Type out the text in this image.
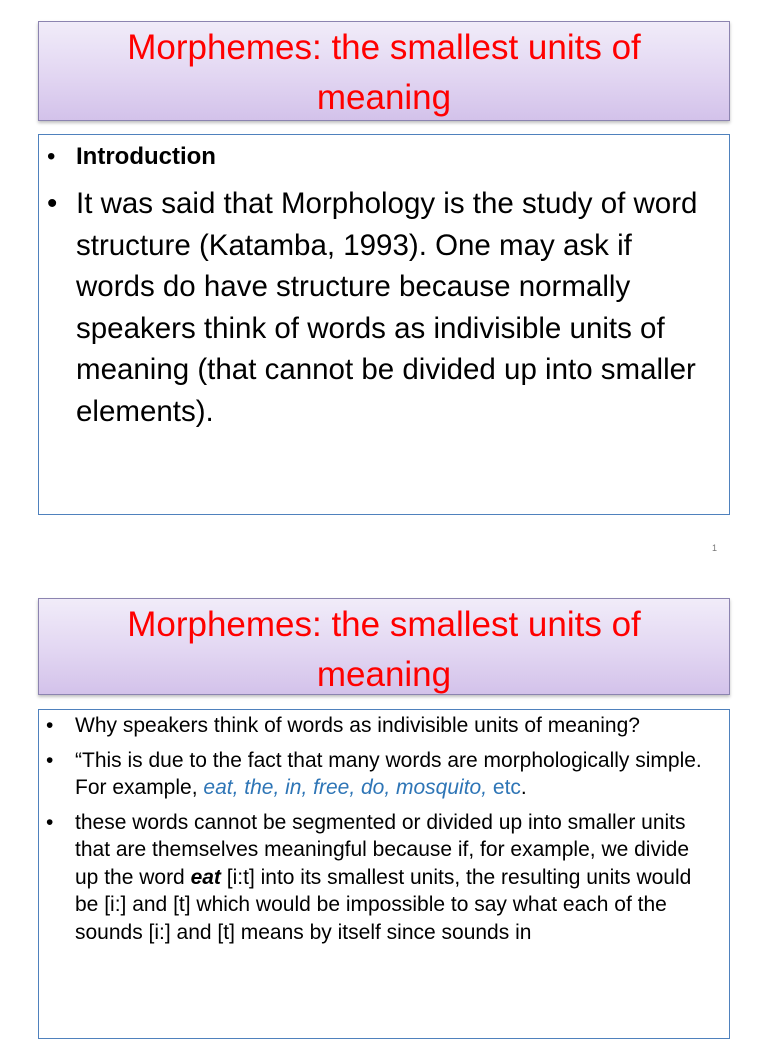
Morphemes: the smallest units of
meaning
• Introduction
• It was said that Morphology is the study of word structure (Katamba, 1993). One may ask if words do have structure because normally speakers think of words as indivisible units of meaning (that cannot be divided up into smaller elements).
1
Morphemes: the smallest units of
meaning
• Why speakers think of words as indivisible units of meaning?
• “This is due to the fact that many words are morphologically simple. For example, eat, the, in, free, do, mosquito, etc.
• these words cannot be segmented or divided up into smaller units that are themselves meaningful because if, for example, we divide up the word eat [i:t] into its smallest units, the resulting units would be [i:] and [t] which would be impossible to say what each of the sounds [i:] and [t] means by itself since sounds in
